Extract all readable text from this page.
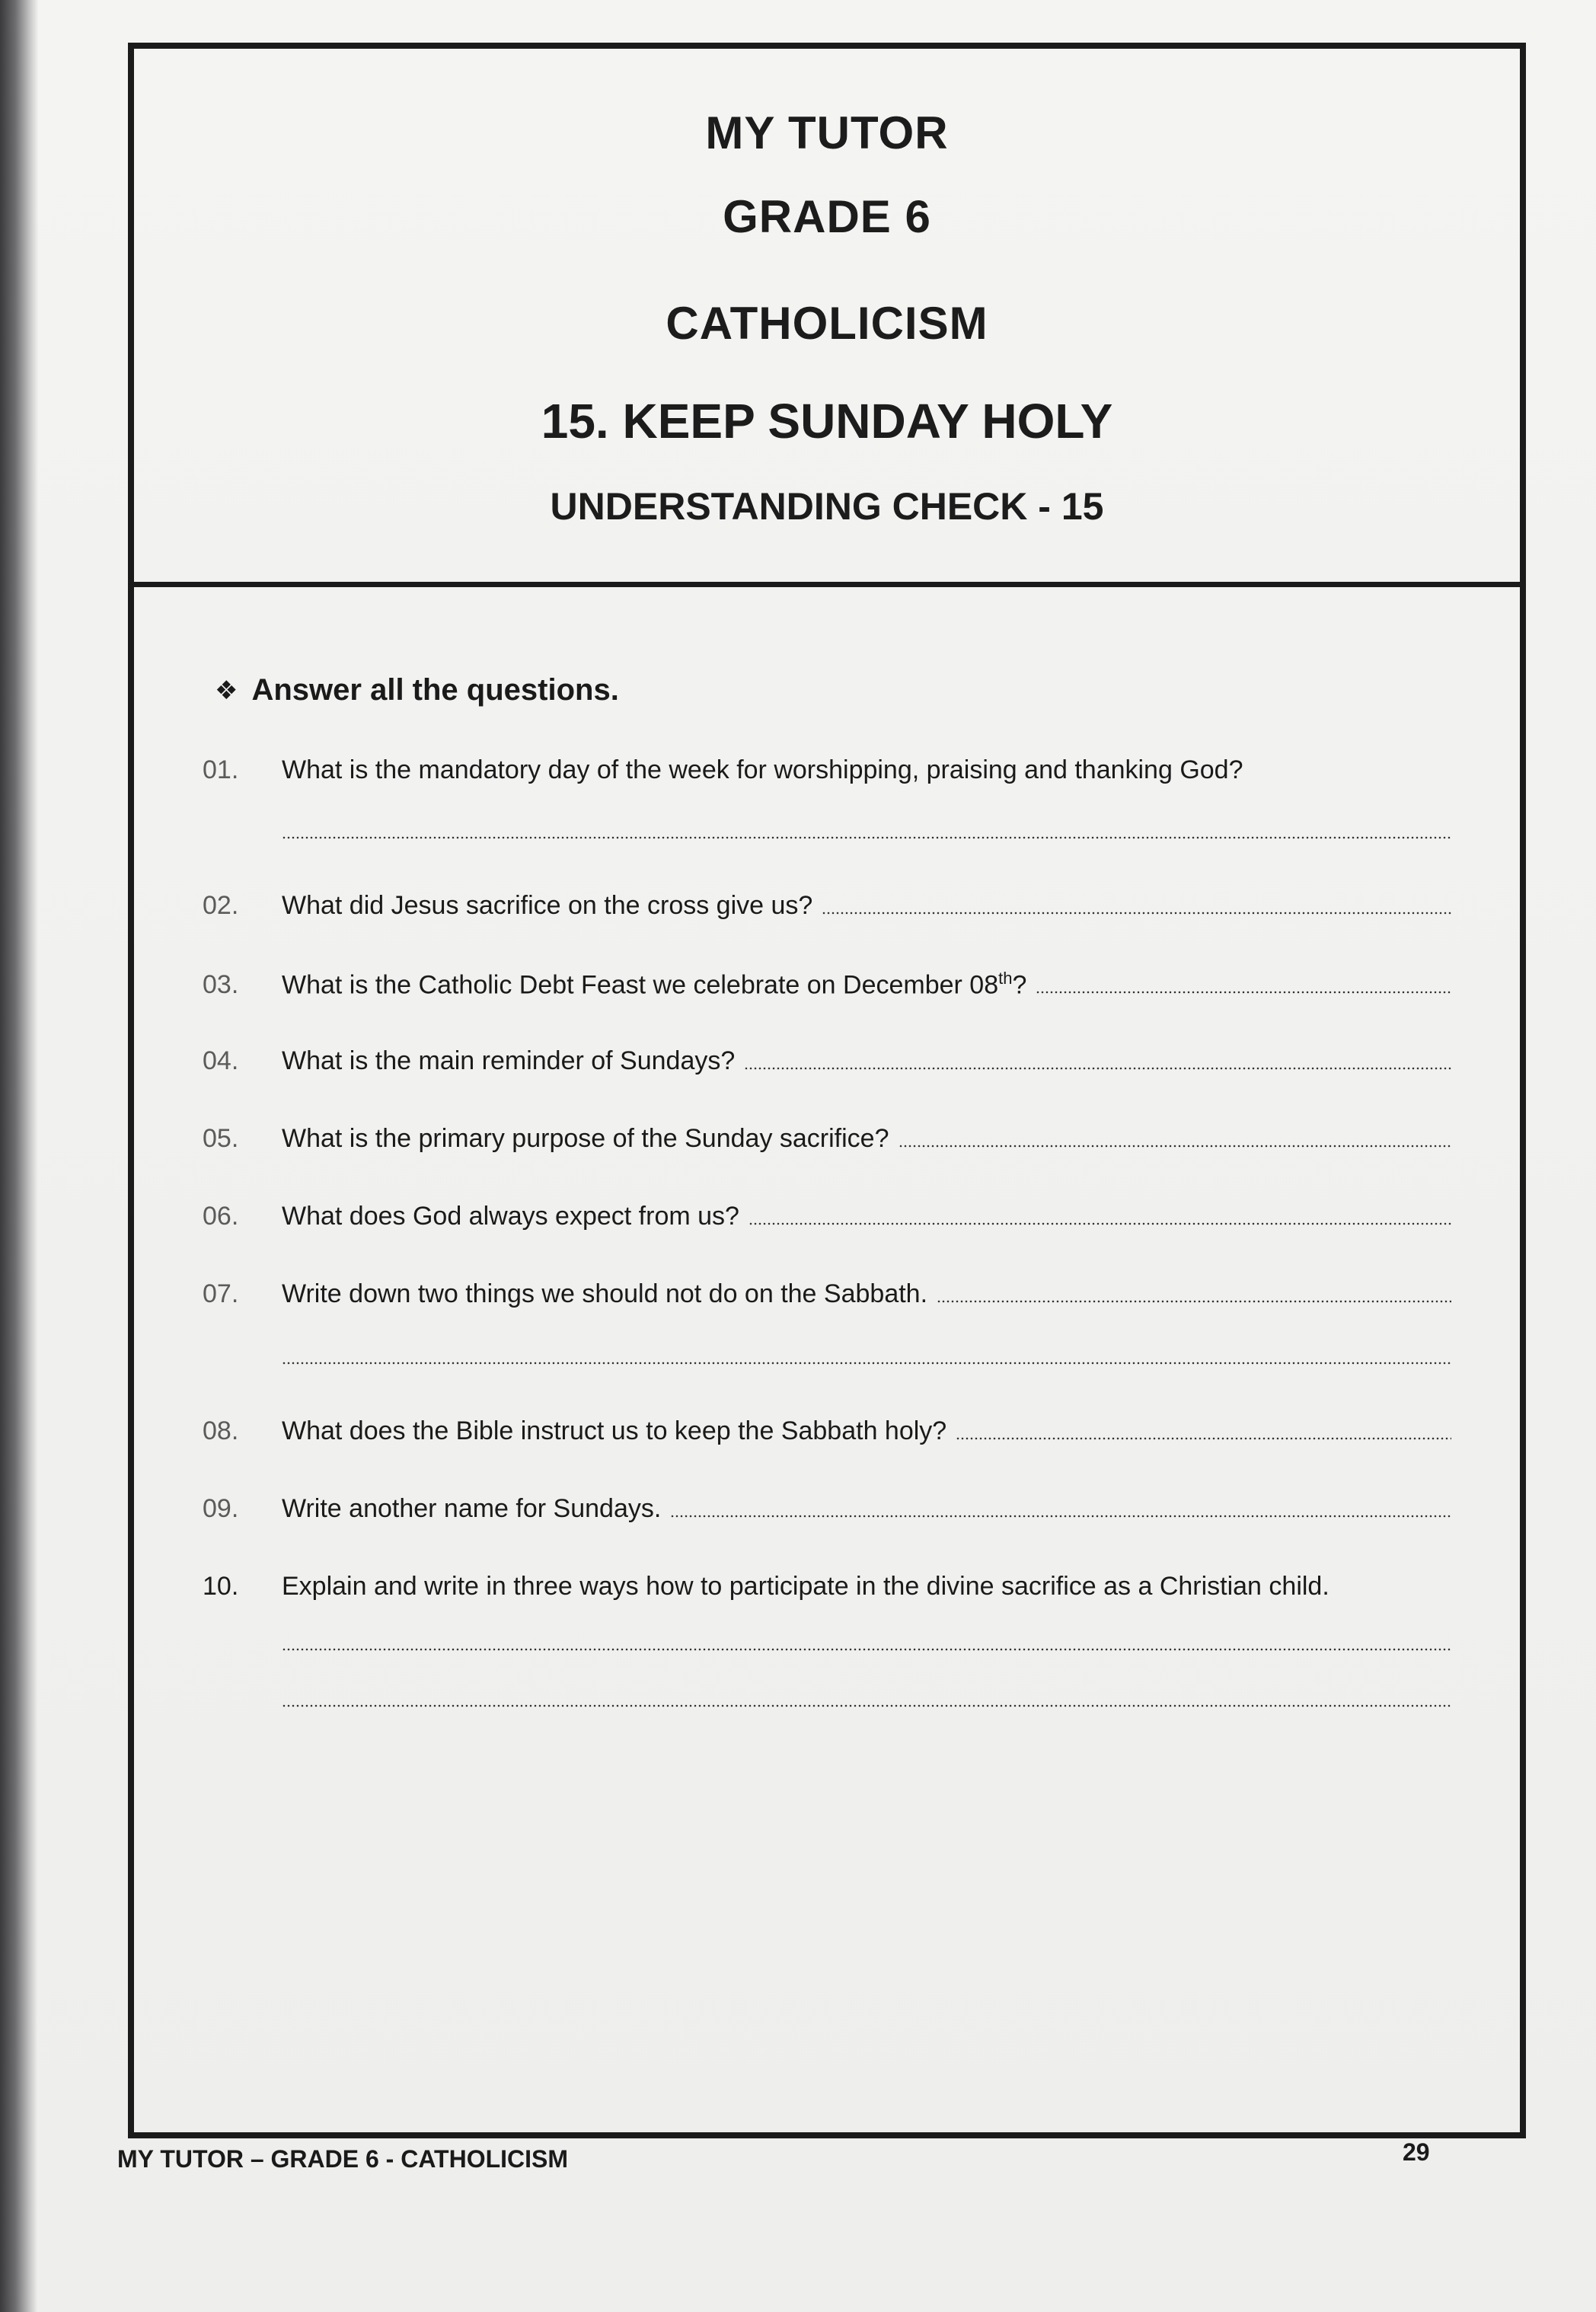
MY TUTOR
GRADE 6
CATHOLICISM
15. KEEP SUNDAY HOLY
UNDERSTANDING CHECK - 15
❖ Answer all the questions.
01.	What is the mandatory day of the week for worshipping, praising and thanking God?
02.	What did Jesus sacrifice on the cross give us?
03.	What is the Catholic Debt Feast we celebrate on December 08th?
04.	What is the main reminder of Sundays?
05.	What is the primary purpose of the Sunday sacrifice?
06.	What does God always expect from us?
07.	Write down two things we should not do on the Sabbath.
08.	What does the Bible instruct us to keep the Sabbath holy?
09.	Write another name for Sundays.
10.	Explain and write in three ways how to participate in the divine sacrifice as a Christian child.
MY TUTOR – GRADE 6 - CATHOLICISM	29
